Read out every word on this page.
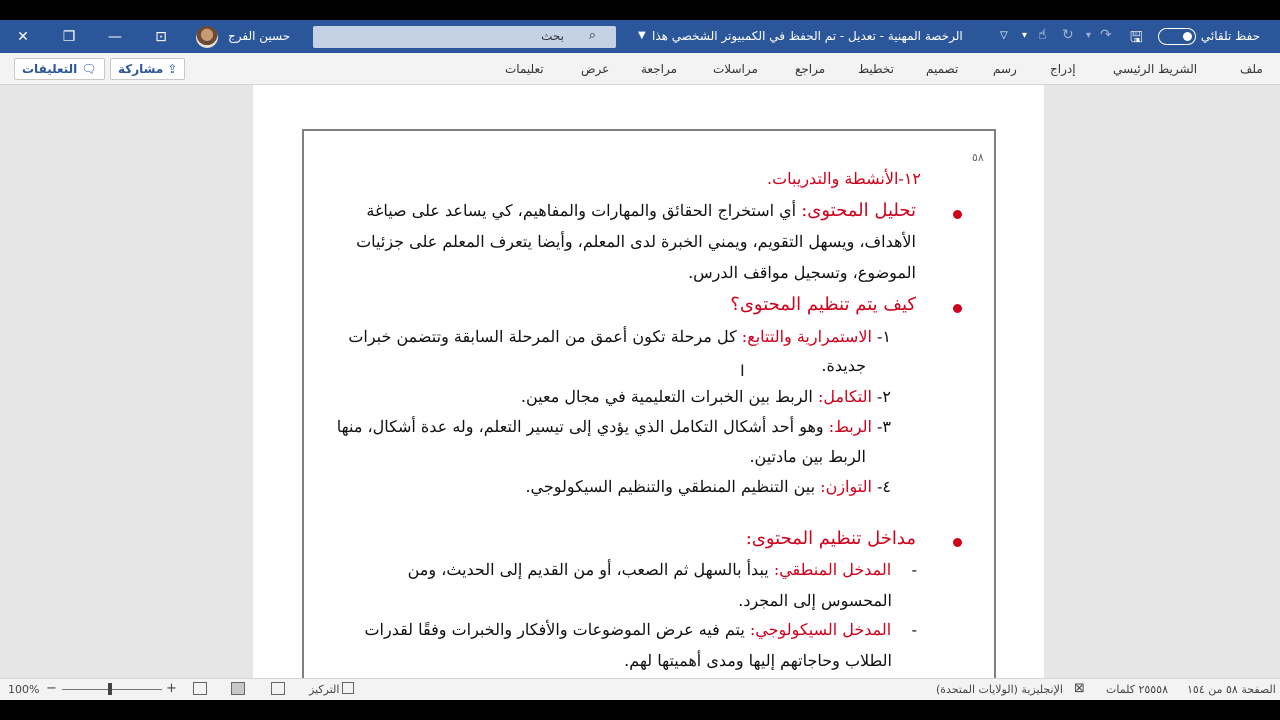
✕	❐	—	⊡	حسين الفرج	بحث ⌕	▼ الرخصة المهنية - تعديل - تم الحفظ في الكمبيوتر الشخصي هذا	▽ ▾ ☝ ↻ ▾ ↷ 🖫	حفظ تلقائي
التعليقات 🗨 مشاركة ⇪	تعليمات	عرض	مراجعة	مراسلات	مراجع	تخطيط	تصميم	رسم	إدراج	الشريط الرئيسي	ملف
٥٨
١٢-الأنشطة والتدريبات.
تحليل المحتوى: أي استخراج الحقائق والمهارات والمفاهيم، كي يساعد على صياغة
الأهداف، ويسهل التقويم، ويمني الخبرة لدى المعلم، وأيضا يتعرف المعلم على جزئيات
الموضوع، وتسجيل مواقف الدرس.
كيف يتم تنظيم المحتوى؟
١- الاستمرارية والتتابع: كل مرحلة تكون أعمق من المرحلة السابقة وتتضمن خبرات
جديدة.
I
٢- التكامل: الربط بين الخبرات التعليمية في مجال معين.
٣- الربط: وهو أحد أشكال التكامل الذي يؤدي إلى تيسير التعلم، وله عدة أشكال، منها
الربط بين مادتين.
٤- التوازن: بين التنظيم المنطقي والتنظيم السيكولوجي.
مداخل تنظيم المحتوى:
-    المدخل المنطقي: يبدأ بالسهل ثم الصعب، أو من القديم إلى الحديث، ومن
المحسوس إلى المجرد.
-    المدخل السيكولوجي: يتم فيه عرض الموضوعات والأفكار والخبرات وفقًا لقدرات
الطلاب وحاجاتهم إليها ومدى أهميتها لهم.
100% −	+	التركيز	الإنجليزية (الولايات المتحدة) ⊠ ٢٥٥٥٨ كلمات الصفحة ٥٨ من ١٥٤
